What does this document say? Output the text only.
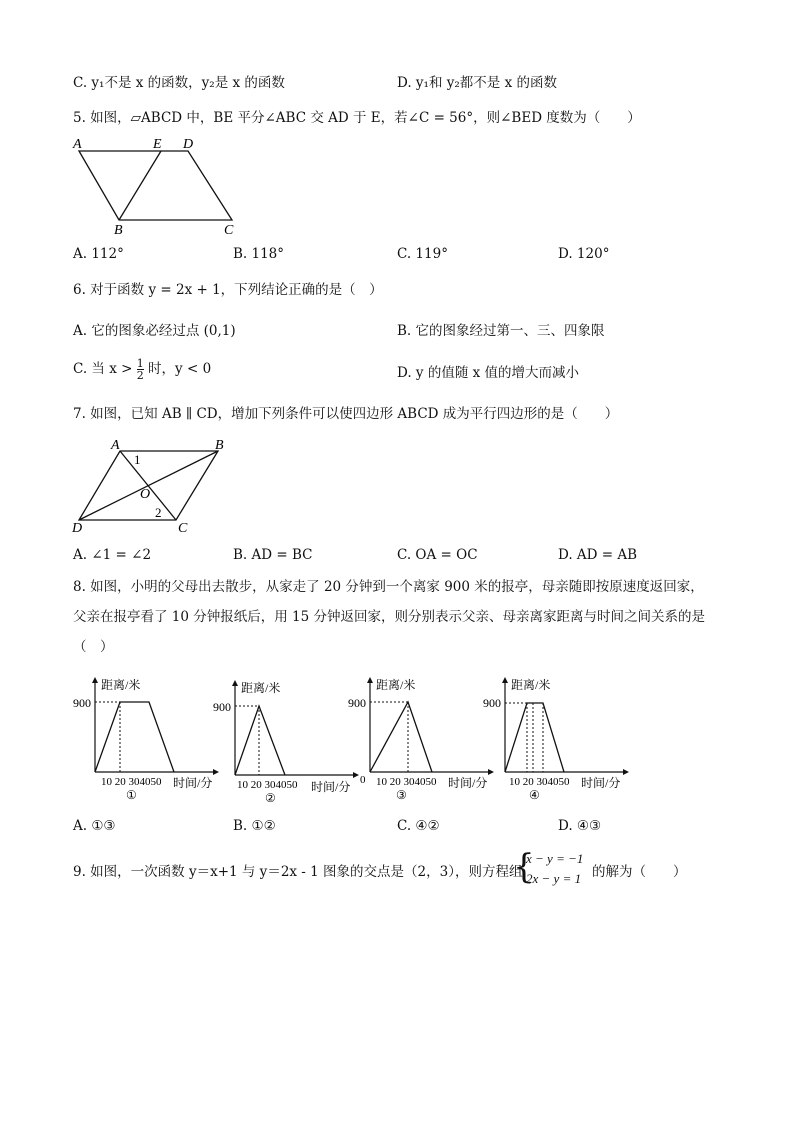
C. y₁不是 x 的函数，y₂是 x 的函数	D. y₁和 y₂都不是 x 的函数
5. 如图，▱ABCD 中，BE 平分∠ABC 交 AD 于 E，若∠C = 56°，则∠BED 度数为（　　）
A	E D
B	C
A. 112°	B. 118°	C. 119°	D. 120°
6. 对于函数 y = 2x + 1，下列结论正确的是（　）
A. 它的图象必经过点 (0,1)	B. 它的图象经过第一、三、四象限
C. 当 $x > \frac{1}{2}$ 时，y < 0	D. y 的值随 x 值的增大而减小
7. 如图，已知 AB ∥ CD，增加下列条件可以使四边形 ABCD 成为平行四边形的是（　　）
A	B
C
D
O
1
2
A. ∠1 = ∠2	B. AD = BC	C. OA = OC	D. AD = AB
8. 如图，小明的父母出去散步，从家走了 20 分钟到一个离家 900 米的报亭，母亲随即按原速度返回家，
父亲在报亭看了 10 分钟报纸后，用 15 分钟返回家，则分别表示父亲、母亲离家距离与时间之间关系的是
（　）
距离/米
900
10 20 304050 时间/分
①
距离/米
900
10 20 304050 时间/分
②
距离/米
900
0 10 20 304050 时间/分
③
距离/米
900
10 20 304050 时间/分
④
A. ①③	B. ①②	C. ④②	D. ④③
9. 如图，一次函数 y＝x+1 与 y＝2x - 1 图象的交点是（2，3），则方程组
{
x − y = −1
2x − y = 1 的解为（　　）
